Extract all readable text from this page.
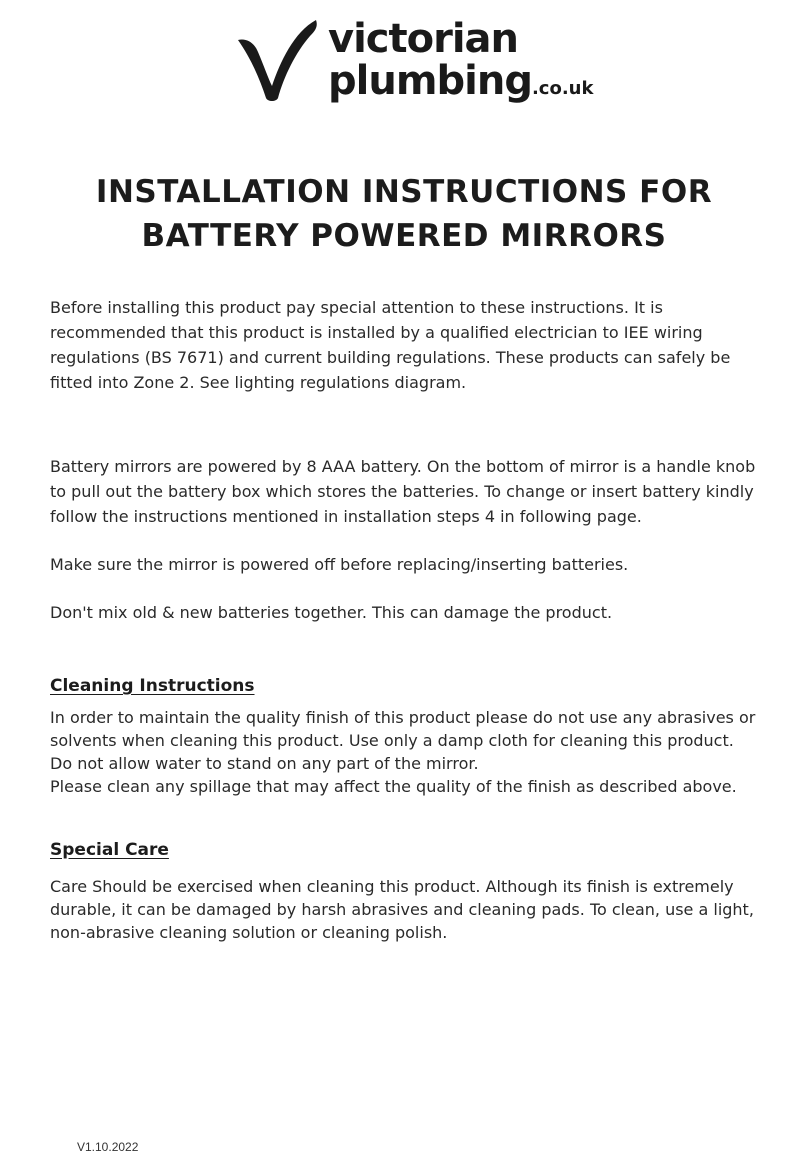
victorian
plumbing.co.uk
INSTALLATION INSTRUCTIONS FOR
BATTERY POWERED MIRRORS
Before installing this product pay special attention to these instructions. It is
recommended that this product is installed by a qualified electrician to IEE wiring
regulations (BS 7671) and current building regulations. These products can safely be
fitted into Zone 2. See lighting regulations diagram.
Battery mirrors are powered by 8 AAA battery. On the bottom of mirror is a handle knob
to pull out the battery box which stores the batteries. To change or insert battery kindly
follow the instructions mentioned in installation steps 4 in following page.
Make sure the mirror is powered off before replacing/inserting batteries.
Don't mix old & new batteries together. This can damage the product.
Cleaning Instructions
In order to maintain the quality finish of this product please do not use any abrasives or
solvents when cleaning this product. Use only a damp cloth for cleaning this product.
Do not allow water to stand on any part of the mirror.
Please clean any spillage that may affect the quality of the finish as described above.
Special Care
Care Should be exercised when cleaning this product. Although its finish is extremely
durable, it can be damaged by harsh abrasives and cleaning pads. To clean, use a light,
non-abrasive cleaning solution or cleaning polish.
V1.10.2022
